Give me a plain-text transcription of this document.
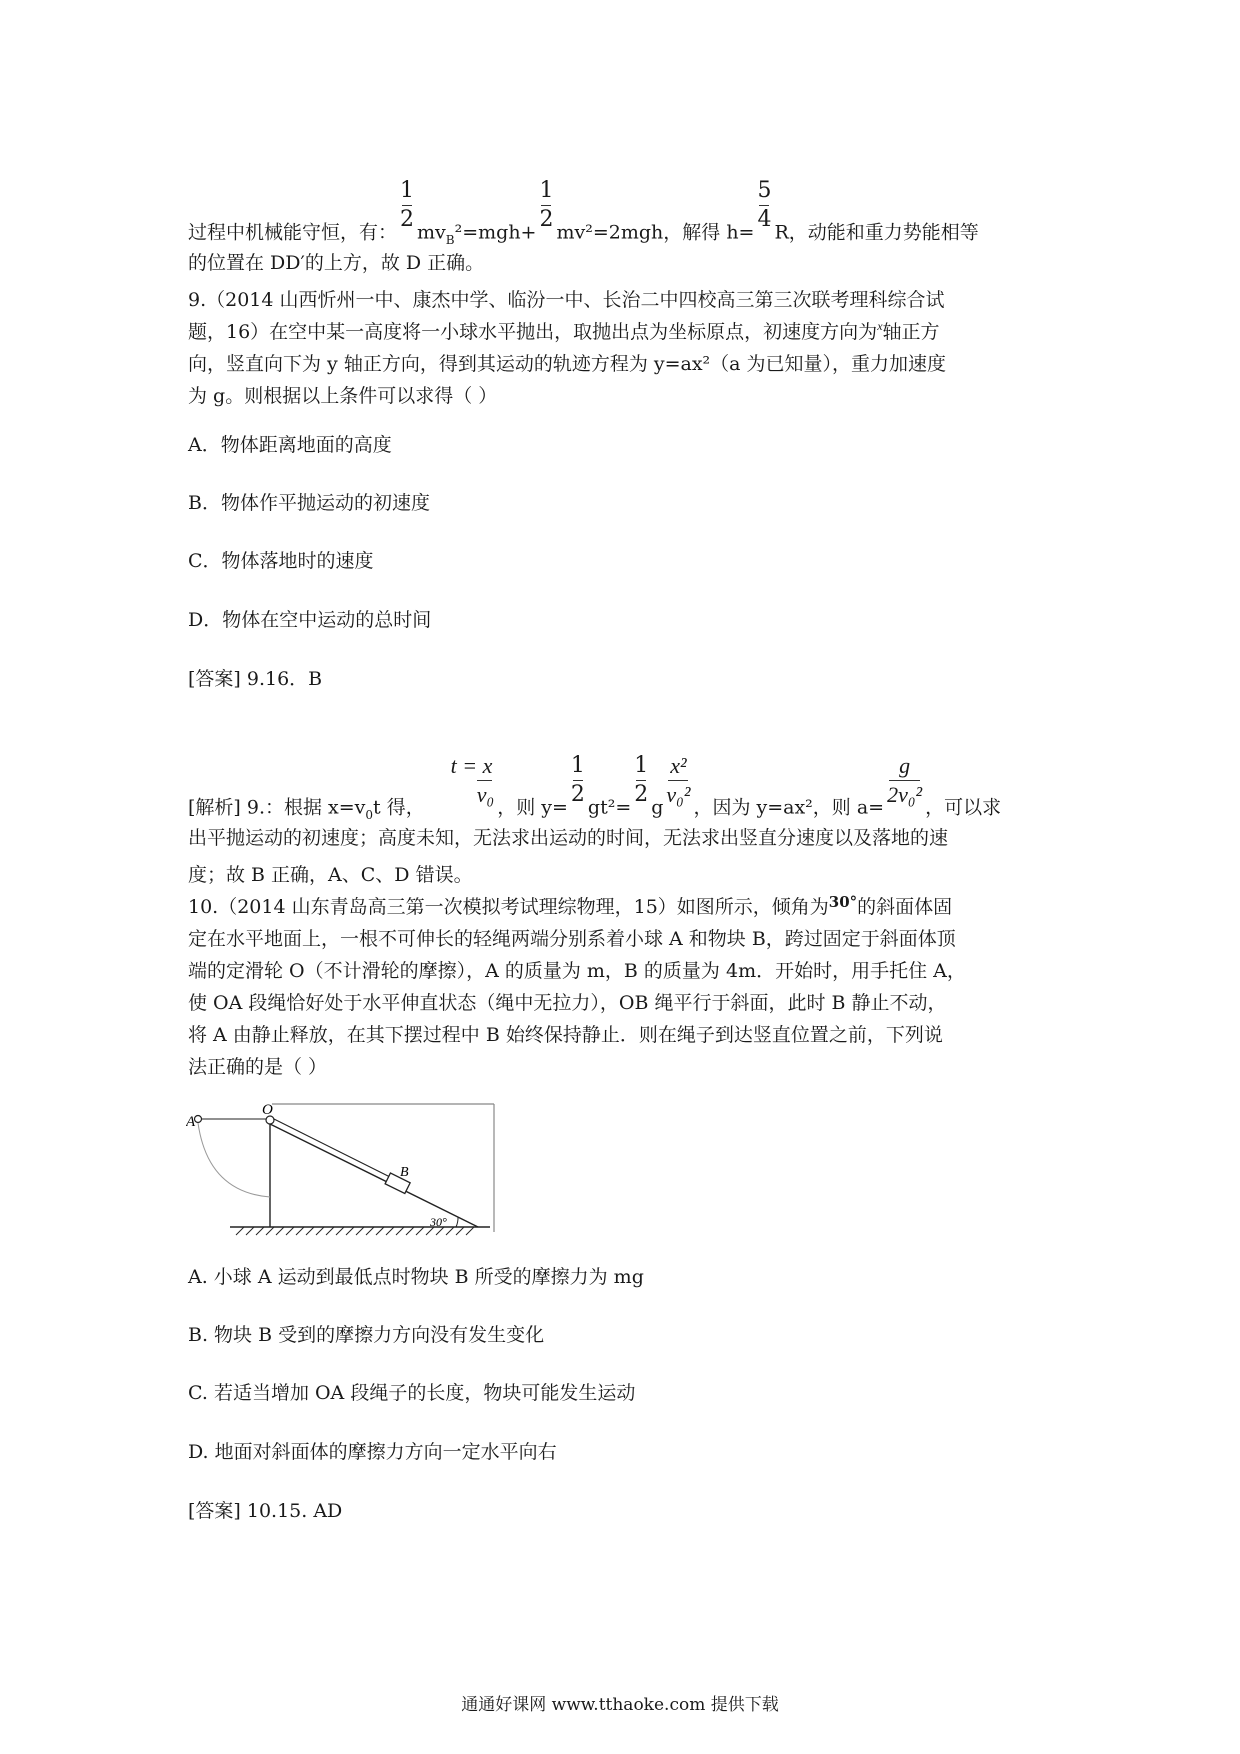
过程中机械能守恒，有： $\frac{1}{2} mv_B^2=mgh+ \frac{1}{2} mv^2=2mgh$，解得 $h= \frac{5}{4}$ R，动能和重力势能相等
的位置在 DD′的上方，故 D 正确。
9.（2014 山西忻州一中、康杰中学、临汾一中、长治二中四校高三第三次联考理科综合试
题，16）在空中某一高度将一小球水平抛出，取抛出点为坐标原点，初速度方向为$^x$轴正方
向，竖直向下为 y 轴正方向，得到其运动的轨迹方程为 y=ax²（a 为已知量），重力加速度
为 g。则根据以上条件可以求得（ ）
A．物体距离地面的高度
B．物体作平抛运动的初速度
C．物体落地时的速度
D．物体在空中运动的总时间
[答案] 9.16．B
[解析] 9.：根据 $x=v_0t$ 得， $\frac{t = x}{\text{v₀}}$ ，则 $y= \frac{1}{2} gt^2= \frac{1}{2}$ g $\frac{\text{x²}}{\text{v₀²}}$ ，因为 y=ax²，则 $a= \frac{g}{\text{2v₀²}}$ ，可以求
出平抛运动的初速度；高度未知，无法求出运动的时间，无法求出竖直分速度以及落地的速
度；故 B 正确，A、C、D 错误。
10.（2014 山东青岛高三第一次模拟考试理综物理，15）如图所示，倾角为$^{30^\circ}$的斜面体固
定在水平地面上，一根不可伸长的轻绳两端分别系着小球 A 和物块 B，跨过固定于斜面体顶
端的定滑轮 O（不计滑轮的摩擦），A 的质量为 m，B 的质量为 4m．开始时，用手托住 A，
使 OA 段绳恰好处于水平伸直状态（绳中无拉力），OB 绳平行于斜面，此时 B 静止不动，
将 A 由静止释放，在其下摆过程中 B 始终保持静止．则在绳子到达竖直位置之前，下列说
法正确的是（ ）
A
O
B
30°
A. 小球 A 运动到最低点时物块 B 所受的摩擦力为 mg
B. 物块 B 受到的摩擦力方向没有发生变化
C. 若适当增加 OA 段绳子的长度，物块可能发生运动
D. 地面对斜面体的摩擦力方向一定水平向右
[答案] 10.15. AD
通通好课网 www.tthaoke.com 提供下载
